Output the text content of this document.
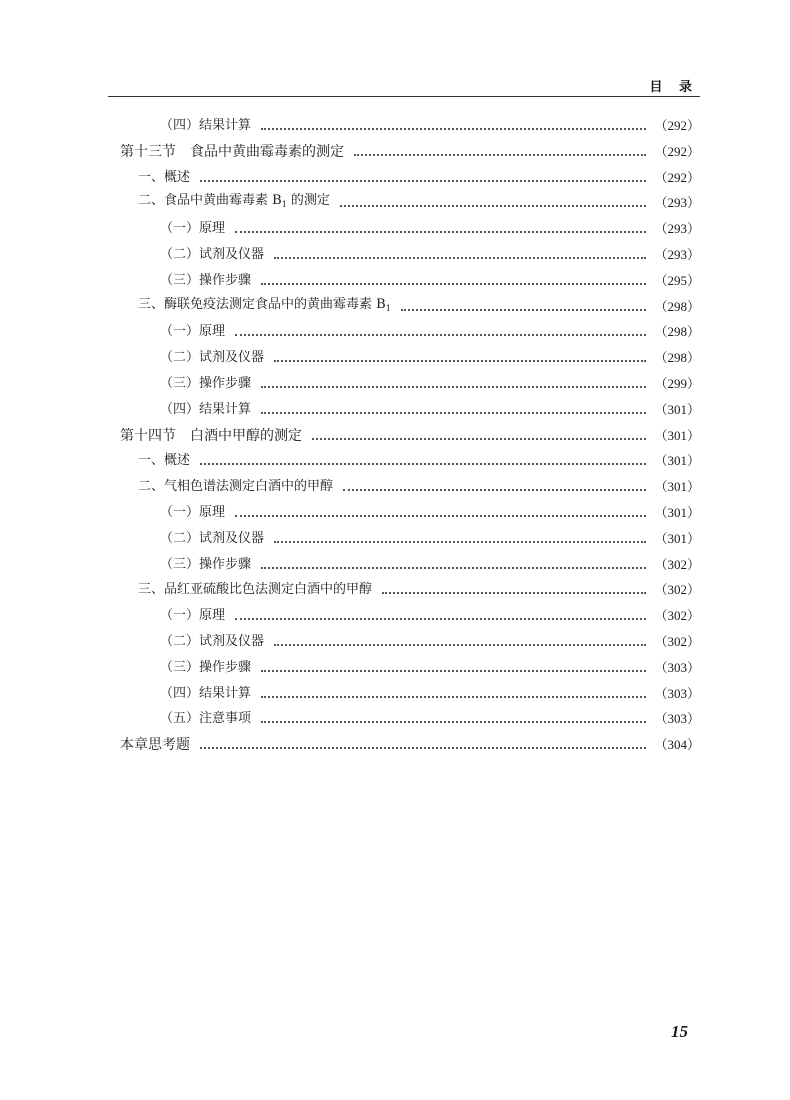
目 录
（四）结果计算	（292）
第十三节　食品中黄曲霉毒素的测定	（292）
一、概述	（292）
二、食品中黄曲霉毒素 $B_1$ 的测定	（293）
（一）原理	（293）
（二）试剂及仪器	（293）
（三）操作步骤	（295）
三、酶联免疫法测定食品中的黄曲霉毒素 $B_1$	（298）
（一）原理	（298）
（二）试剂及仪器	（298）
（三）操作步骤	（299）
（四）结果计算	（301）
第十四节　白酒中甲醇的测定	（301）
一、概述	（301）
二、气相色谱法测定白酒中的甲醇	（301）
（一）原理	（301）
（二）试剂及仪器	（301）
（三）操作步骤	（302）
三、品红亚硫酸比色法测定白酒中的甲醇	（302）
（一）原理	（302）
（二）试剂及仪器	（302）
（三）操作步骤	（303）
（四）结果计算	（303）
（五）注意事项	（303）
本章思考题	（304）
15
